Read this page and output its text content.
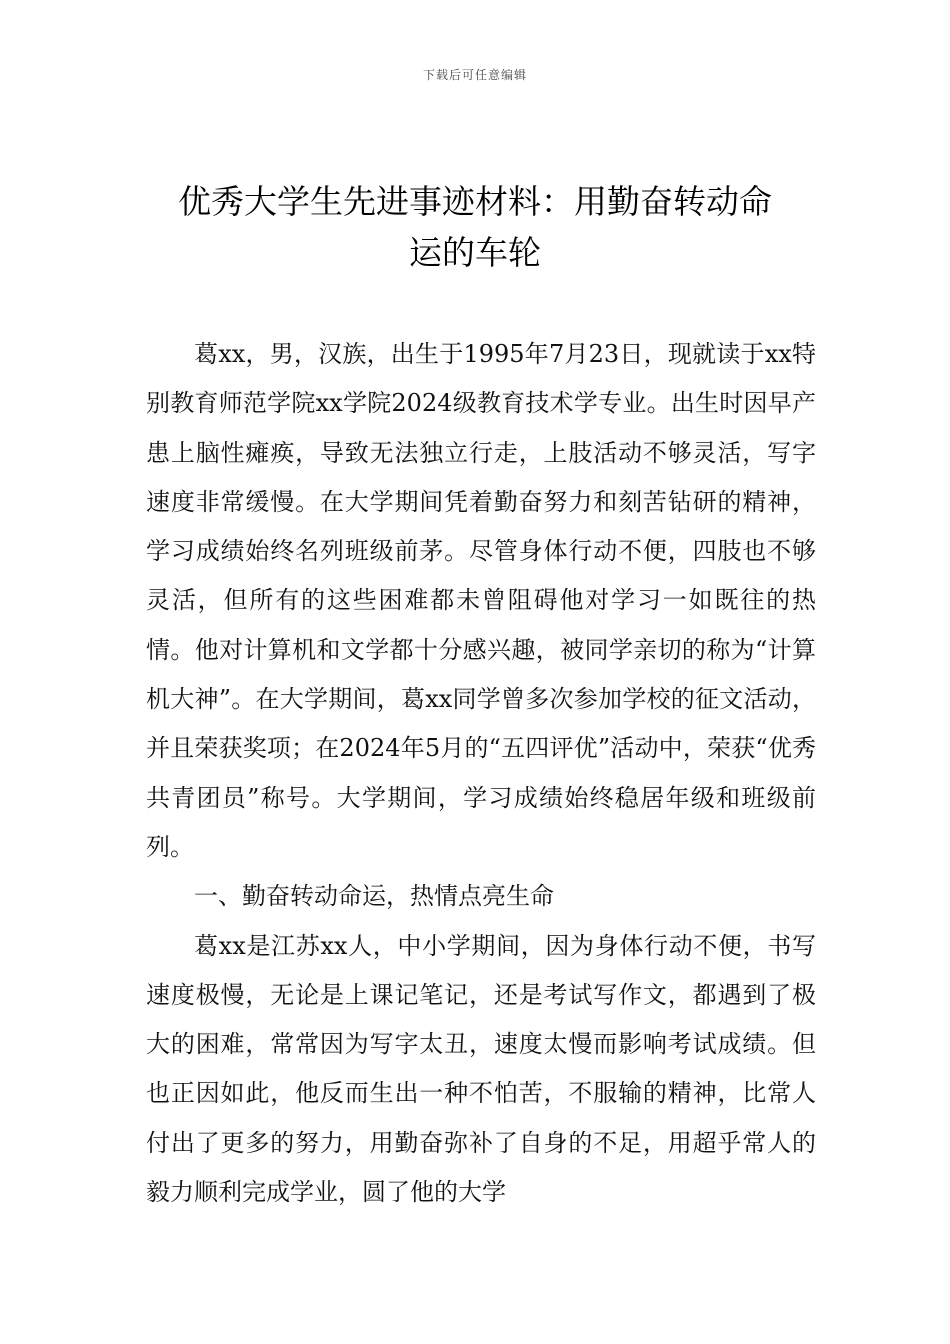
下载后可任意编辑
优秀大学生先进事迹材料：用勤奋转动命
运的车轮

葛xx，男，汉族，出生于1995年7月23日，现就读于xx特别教育师范学院xx学院2024级教育技术学专业。出生时因早产患上脑性瘫痪，导致无法独立行走，上肢活动不够灵活，写字速度非常缓慢。在大学期间凭着勤奋努力和刻苦钻研的精神，学习成绩始终名列班级前茅。尽管身体行动不便，四肢也不够灵活，但所有的这些困难都未曾阻碍他对学习一如既往的热情。他对计算机和文学都十分感兴趣，被同学亲切的称为“计算机大神”。在大学期间，葛xx同学曾多次参加学校的征文活动，并且荣获奖项；在2024年5月的“五四评优”活动中，荣获“优秀共青团员”称号。大学期间，学习成绩始终稳居年级和班级前列。

一、勤奋转动命运，热情点亮生命

葛xx是江苏xx人，中小学期间，因为身体行动不便，书写速度极慢，无论是上课记笔记，还是考试写作文，都遇到了极大的困难，常常因为写字太丑，速度太慢而影响考试成绩。但也正因如此，他反而生出一种不怕苦，不服输的精神，比常人付出了更多的努力，用勤奋弥补了自身的不足，用超乎常人的毅力顺利完成学业，圆了他的大学
